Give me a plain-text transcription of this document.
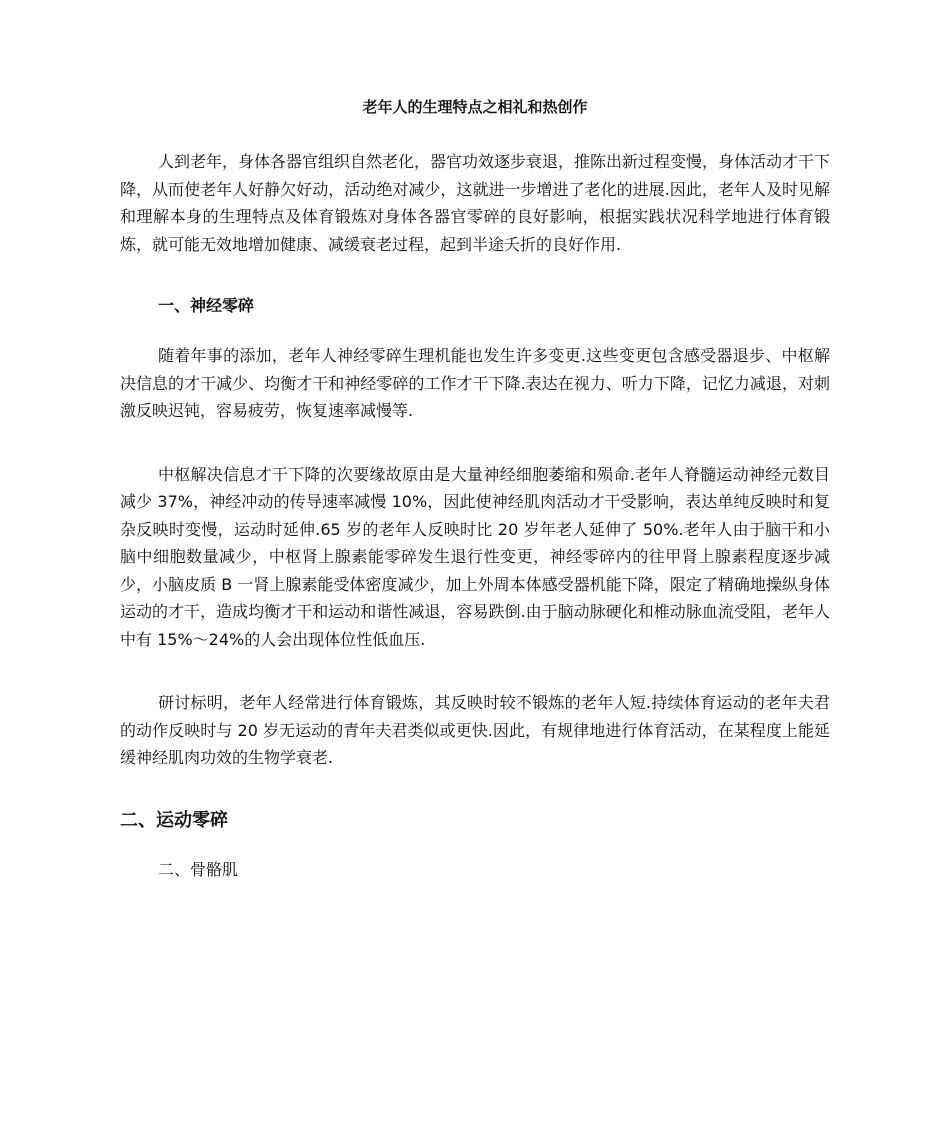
老年人的生理特点之相礼和热创作

人到老年，身体各器官组织自然老化，器官功效逐步衰退，推陈出新过程变慢，身体活动才干下降，从而使老年人好静欠好动，活动绝对减少，这就进一步增进了老化的进展.因此，老年人及时见解和理解本身的生理特点及体育锻炼对身体各器官零碎的良好影响，根据实践状况科学地进行体育锻炼，就可能无效地增加健康、减缓衰老过程，起到半途夭折的良好作用.

一、神经零碎

随着年事的添加，老年人神经零碎生理机能也发生许多变更.这些变更包含感受器退步、中枢解决信息的才干减少、均衡才干和神经零碎的工作才干下降.表达在视力、听力下降，记忆力减退，对刺激反映迟钝，容易疲劳，恢复速率减慢等.

中枢解决信息才干下降的次要缘故原由是大量神经细胞萎缩和殒命.老年人脊髓运动神经元数目减少 37%，神经冲动的传导速率减慢 10%，因此使神经肌肉活动才干受影响，表达单纯反映时和复杂反映时变慢，运动时延伸.65 岁的老年人反映时比 20 岁年老人延伸了 50%.老年人由于脑干和小脑中细胞数量减少，中枢肾上腺素能零碎发生退行性变更，神经零碎内的往甲肾上腺素程度逐步减少，小脑皮质 B 一肾上腺素能受体密度减少，加上外周本体感受器机能下降，限定了精确地操纵身体运动的才干，造成均衡才干和运动和谐性减退，容易跌倒.由于脑动脉硬化和椎动脉血流受阻，老年人中有 15%～24%的人会出现体位性低血压.

研讨标明，老年人经常进行体育锻炼，其反映时较不锻炼的老年人短.持续体育运动的老年夫君的动作反映时与 20 岁无运动的青年夫君类似或更快.因此，有规律地进行体育活动，在某程度上能延缓神经肌肉功效的生物学衰老.

二、运动零碎
二、骨骼肌
